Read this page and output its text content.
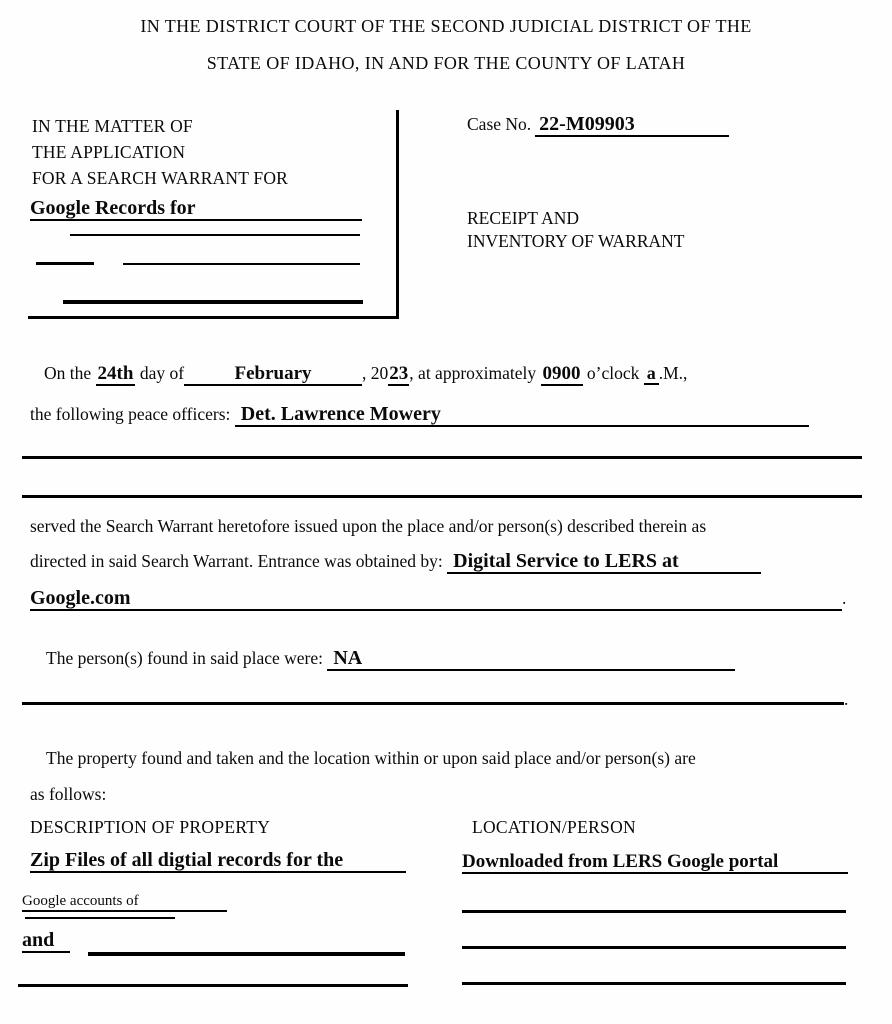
IN THE DISTRICT COURT OF THE SECOND JUDICIAL DISTRICT OF THE
STATE OF IDAHO, IN AND FOR THE COUNTY OF LATAH
IN THE MATTER OF
THE APPLICATION
FOR A SEARCH WARRANT FOR
Google Records for
Case No. 22-M09903
RECEIPT AND
INVENTORY OF WARRANT
On the 24th day of	February	, 2023, at approximately 0900 o’clock a .M.,
the following peace officers: Det. Lawrence Mowery
served the Search Warrant heretofore issued upon the place and/or person(s) described therein as
directed in said Search Warrant. Entrance was obtained by: Digital Service to LERS at
Google.com	.
The person(s) found in said place were: NA
.
The property found and taken and the location within or upon said place and/or person(s) are
as follows:
DESCRIPTION OF PROPERTY	LOCATION/PERSON
Zip Files of all digtial records for the	Downloaded from LERS Google portal
Google accounts of
and
